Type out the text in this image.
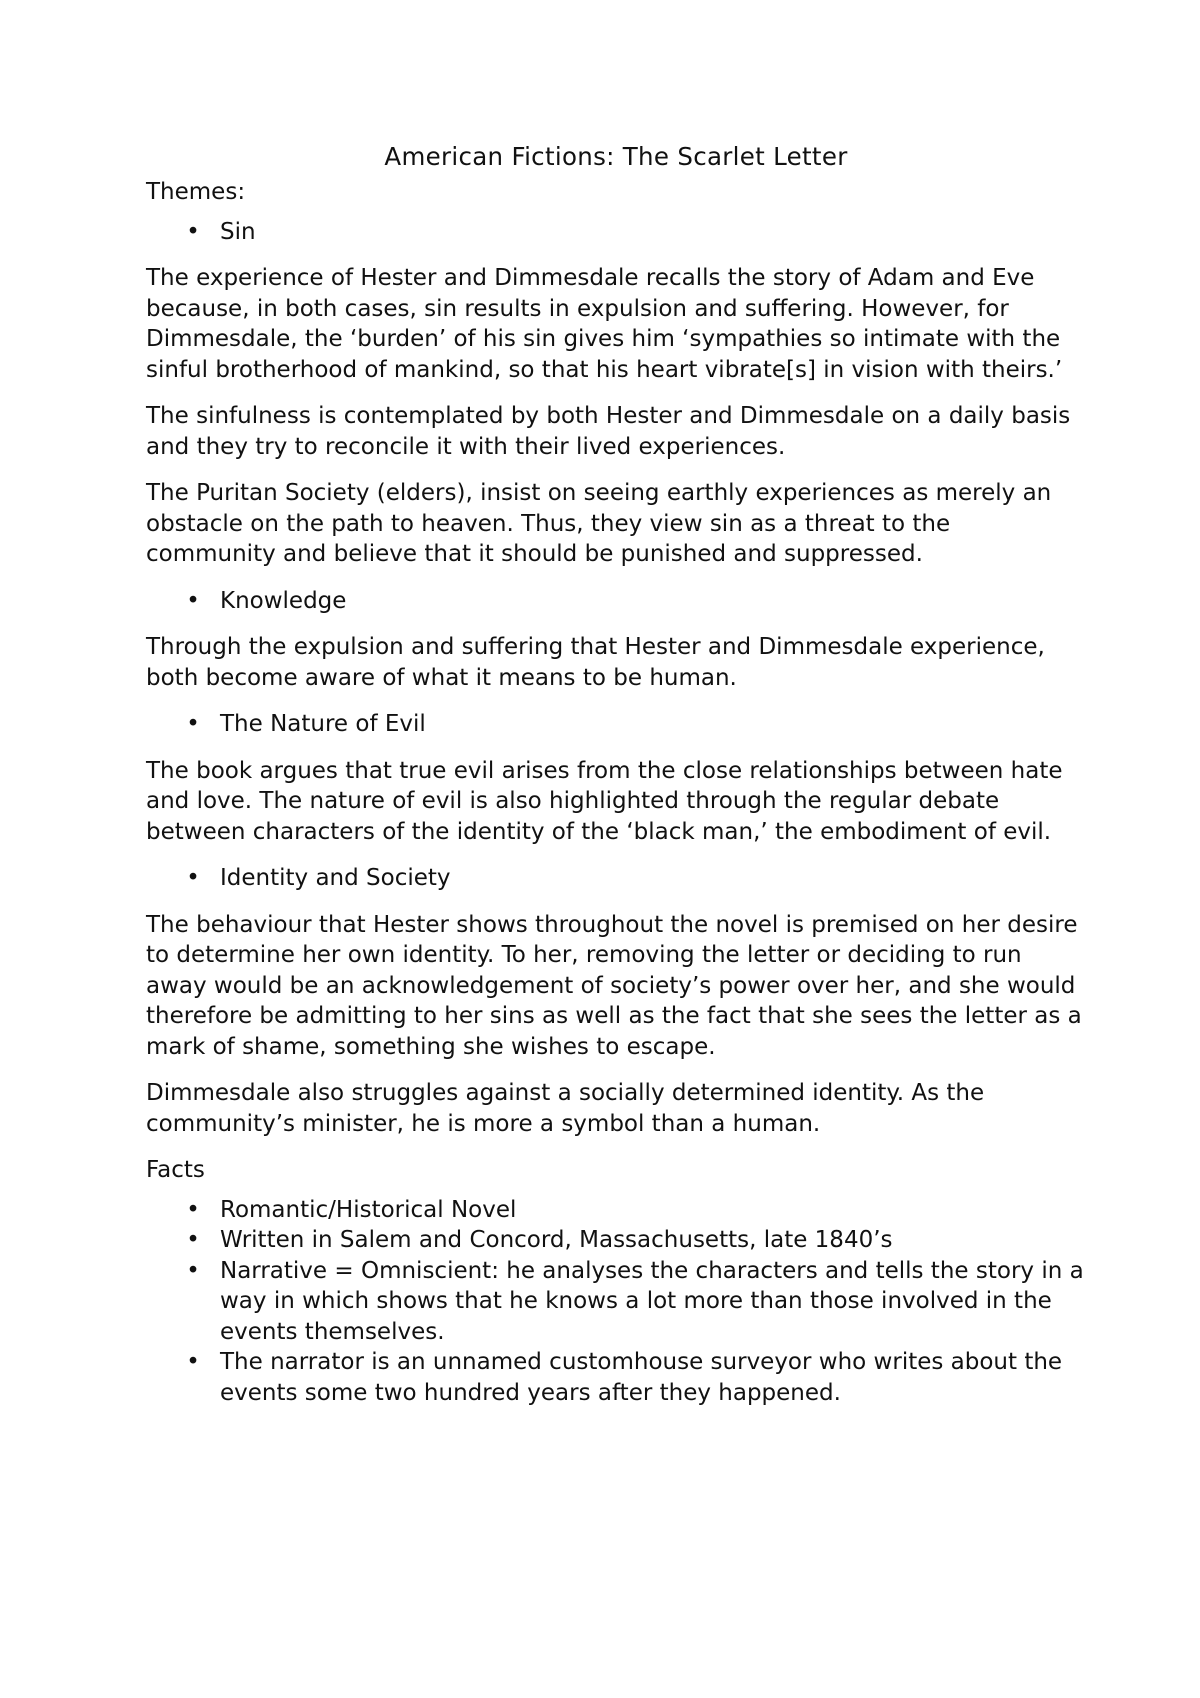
American Fictions: The Scarlet Letter
Themes:
• Sin

The experience of Hester and Dimmesdale recalls the story of Adam and Eve because, in both cases, sin results in expulsion and suffering. However, for Dimmesdale, the ‘burden’ of his sin gives him ‘sympathies so intimate with the sinful brotherhood of mankind, so that his heart vibrate[s] in vision with theirs.’

The sinfulness is contemplated by both Hester and Dimmesdale on a daily basis and they try to reconcile it with their lived experiences.

The Puritan Society (elders), insist on seeing earthly experiences as merely an obstacle on the path to heaven. Thus, they view sin as a threat to the community and believe that it should be punished and suppressed.

• Knowledge

Through the expulsion and suffering that Hester and Dimmesdale experience, both become aware of what it means to be human.

• The Nature of Evil

The book argues that true evil arises from the close relationships between hate and love. The nature of evil is also highlighted through the regular debate between characters of the identity of the ‘black man,’ the embodiment of evil.

• Identity and Society

The behaviour that Hester shows throughout the novel is premised on her desire to determine her own identity. To her, removing the letter or deciding to run away would be an acknowledgement of society’s power over her, and she would therefore be admitting to her sins as well as the fact that she sees the letter as a mark of shame, something she wishes to escape.

Dimmesdale also struggles against a socially determined identity. As the community’s minister, he is more a symbol than a human.

Facts
• Romantic/Historical Novel
• Written in Salem and Concord, Massachusetts, late 1840’s
• Narrative = Omniscient: he analyses the characters and tells the story in a way in which shows that he knows a lot more than those involved in the events themselves.
• The narrator is an unnamed customhouse surveyor who writes about the events some two hundred years after they happened.
